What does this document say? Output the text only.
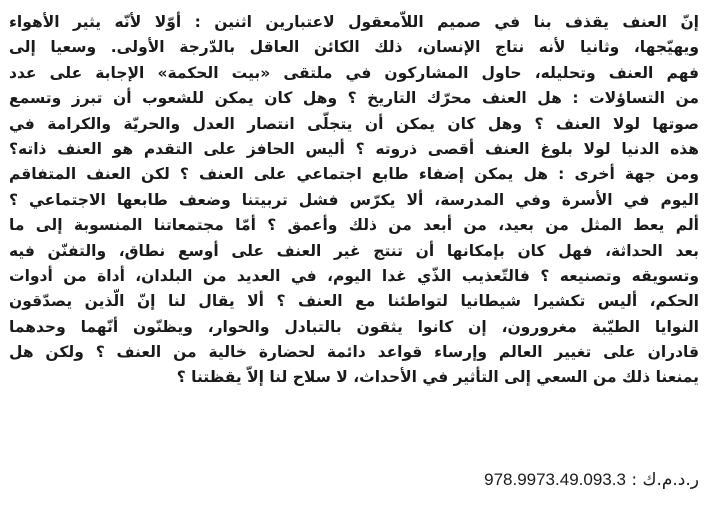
إنّ العنف يقذف بنا في صميم اللاّمعقول لاعتبارين اثنين : أوّلا لأنّه يثير الأهواء
ويهيّجها، وثانيا لأنه نتاج الإنسان، ذلك الكائن العاقل بالدّرجة الأولى. وسعيا إلى
فهم العنف وتحليله، حاول المشاركون في ملتقى «بيت الحكمة» الإجابة على عدد
من التساؤلات : هل العنف محرّك التاريخ ؟ وهل كان يمكن للشعوب أن تبرز وتسمع
صوتها لولا العنف ؟ وهل كان يمكن أن يتجلّى انتصار العدل والحريّة والكرامة في
هذه الدنيا لولا بلوغ العنف أقصى ذروته ؟ أليس الحافز على التقدم هو العنف ذاته؟
ومن جهة أخرى : هل يمكن إضفاء طابع اجتماعي على العنف ؟ لكن العنف المتفاقم
اليوم في الأسرة وفي المدرسة، ألا يكرّس فشل تربيتنا وضعف طابعها الاجتماعي ؟
ألم يعط المثل من بعيد، من أبعد من ذلك وأعمق ؟ أمّا مجتمعاتنا المنسوبة إلى ما
بعد الحداثة، فهل كان بإمكانها أن تنتج غير العنف على أوسع نطاق، والتفنّن فيه
وتسويقه وتصنيعه ؟ فالتّعذيب الذّي غدا اليوم، في العديد من البلدان، أداة من أدوات
الحكم، أليس تكشيرا شيطانيا لتواطئنا مع العنف ؟ ألا يقال لنا إنّ الّذين يصدّقون
النوايا الطيّبة مغرورون، إن كانوا يثقون بالتبادل والحوار، ويظنّون أنّهما وحدهما
قادران على تغيير العالم وإرساء قواعد دائمة لحضارة خالية من العنف ؟ ولكن هل
يمنعنا ذلك من السعي إلى التأثير في الأحداث، لا سلاح لنا إلاّ يقظتنا ؟
ر.د.م.ك : 978.9973.49.093.3
